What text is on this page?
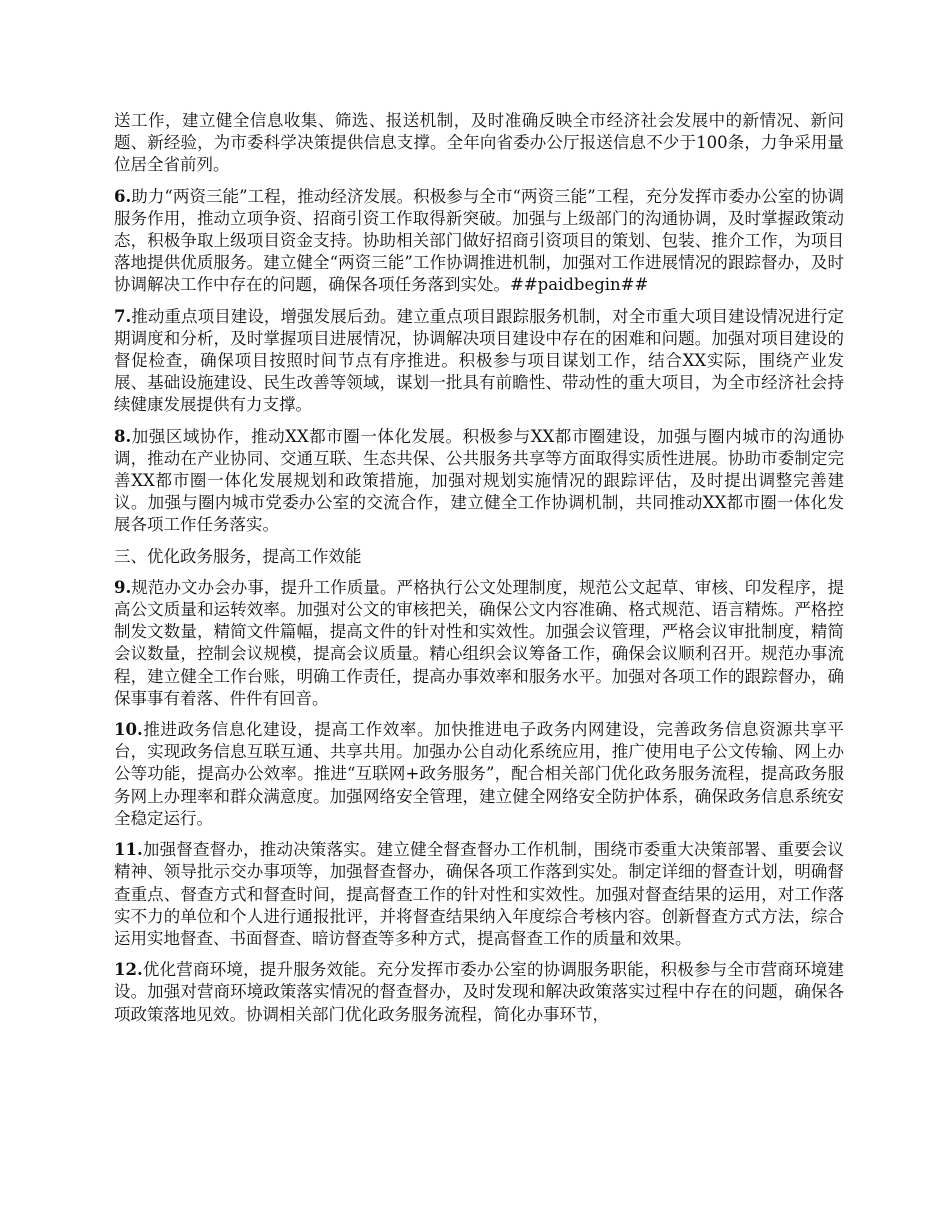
送工作，建立健全信息收集、筛选、报送机制，及时准确反映全市经济社会发展中的新情况、新问题、新经验，为市委科学决策提供信息支撑。全年向省委办公厅报送信息不少于100条，力争采用量位居全省前列。

6.助力“两资三能”工程，推动经济发展。积极参与全市“两资三能”工程，充分发挥市委办公室的协调服务作用，推动立项争资、招商引资工作取得新突破。加强与上级部门的沟通协调，及时掌握政策动态，积极争取上级项目资金支持。协助相关部门做好招商引资项目的策划、包装、推介工作，为项目落地提供优质服务。建立健全“两资三能”工作协调推进机制，加强对工作进展情况的跟踪督办，及时协调解决工作中存在的问题，确保各项任务落到实处。##paidbegin##

7.推动重点项目建设，增强发展后劲。建立重点项目跟踪服务机制，对全市重大项目建设情况进行定期调度和分析，及时掌握项目进展情况，协调解决项目建设中存在的困难和问题。加强对项目建设的督促检查，确保项目按照时间节点有序推进。积极参与项目谋划工作，结合XX实际，围绕产业发展、基础设施建设、民生改善等领域，谋划一批具有前瞻性、带动性的重大项目，为全市经济社会持续健康发展提供有力支撑。

8.加强区域协作，推动XX都市圈一体化发展。积极参与XX都市圈建设，加强与圈内城市的沟通协调，推动在产业协同、交通互联、生态共保、公共服务共享等方面取得实质性进展。协助市委制定完善XX都市圈一体化发展规划和政策措施，加强对规划实施情况的跟踪评估，及时提出调整完善建议。加强与圈内城市党委办公室的交流合作，建立健全工作协调机制，共同推动XX都市圈一体化发展各项工作任务落实。

三、优化政务服务，提高工作效能

9.规范办文办会办事，提升工作质量。严格执行公文处理制度，规范公文起草、审核、印发程序，提高公文质量和运转效率。加强对公文的审核把关，确保公文内容准确、格式规范、语言精炼。严格控制发文数量，精简文件篇幅，提高文件的针对性和实效性。加强会议管理，严格会议审批制度，精简会议数量，控制会议规模，提高会议质量。精心组织会议筹备工作，确保会议顺利召开。规范办事流程，建立健全工作台账，明确工作责任，提高办事效率和服务水平。加强对各项工作的跟踪督办，确保事事有着落、件件有回音。

10.推进政务信息化建设，提高工作效率。加快推进电子政务内网建设，完善政务信息资源共享平台，实现政务信息互联互通、共享共用。加强办公自动化系统应用，推广使用电子公文传输、网上办公等功能，提高办公效率。推进“互联网+政务服务”，配合相关部门优化政务服务流程，提高政务服务网上办理率和群众满意度。加强网络安全管理，建立健全网络安全防护体系，确保政务信息系统安全稳定运行。

11.加强督查督办，推动决策落实。建立健全督查督办工作机制，围绕市委重大决策部署、重要会议精神、领导批示交办事项等，加强督查督办，确保各项工作落到实处。制定详细的督查计划，明确督查重点、督查方式和督查时间，提高督查工作的针对性和实效性。加强对督查结果的运用，对工作落实不力的单位和个人进行通报批评，并将督查结果纳入年度综合考核内容。创新督查方式方法，综合运用实地督查、书面督查、暗访督查等多种方式，提高督查工作的质量和效果。

12.优化营商环境，提升服务效能。充分发挥市委办公室的协调服务职能，积极参与全市营商环境建设。加强对营商环境政策落实情况的督查督办，及时发现和解决政策落实过程中存在的问题，确保各项政策落地见效。协调相关部门优化政务服务流程，简化办事环节，
